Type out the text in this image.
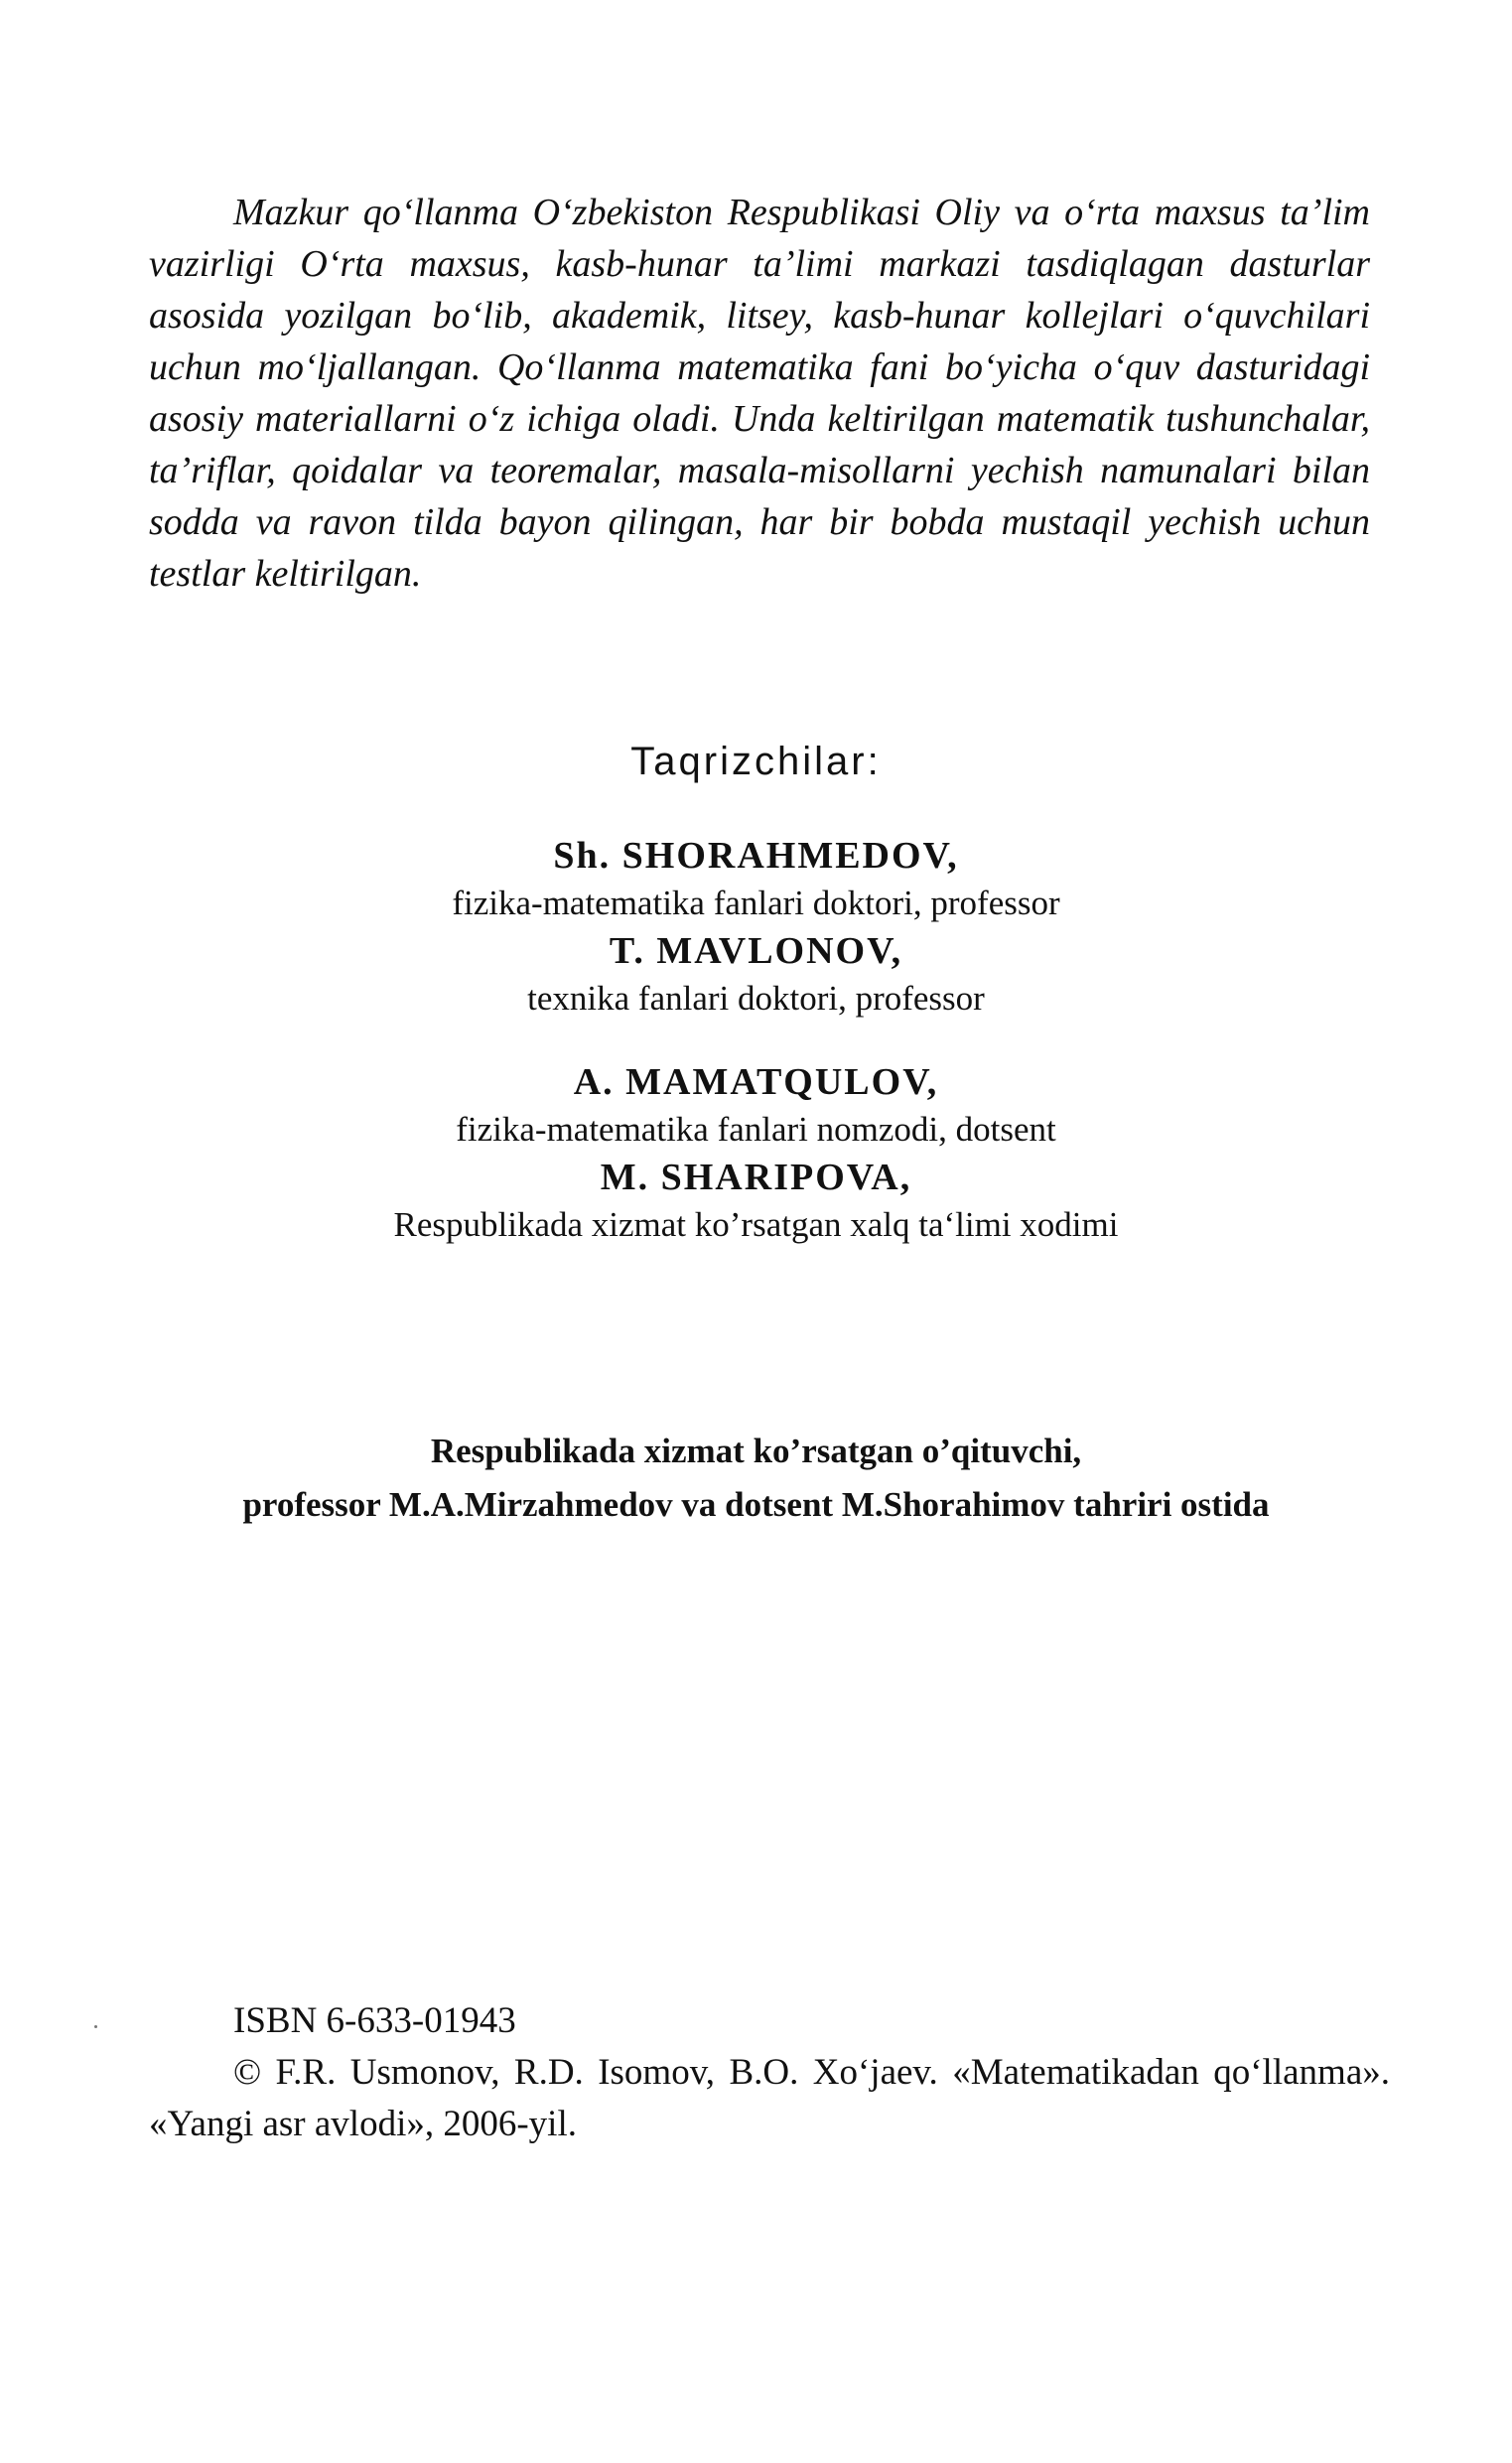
Mazkur qo‘llanma O‘zbekiston Respublikasi Oliy va o‘rta maxsus ta’lim vazirligi O‘rta maxsus, kasb-hunar ta’limi markazi tasdiqlagan dasturlar asosida yozilgan bo‘lib, akademik, litsey, kasb-hunar kollejlari o‘quvchilari uchun mo‘ljallangan. Qo‘llanma matematika fani bo‘yicha o‘quv dasturidagi asosiy materiallarni o‘z ichiga oladi. Unda keltirilgan matematik tushunchalar, ta’riflar, qoidalar va teoremalar, masala-misollarni yechish namunalari bilan sodda va ravon tilda bayon qilingan, har bir bobda mustaqil yechish uchun testlar keltirilgan.

Taqrizchilar:

Sh. SHORAHMEDOV,
fizika-matematika fanlari doktori, professor
T. MAVLONOV,
texnika fanlari doktori, professor
A. MAMATQULOV,
fizika-matematika fanlari nomzodi, dotsent
M. SHARIPOVA,
Respublikada xizmat ko’rsatgan xalq ta‘limi xodimi
Respublikada xizmat ko’rsatgan o’qituvchi,
professor M.A.Mirzahmedov va dotsent M.Shorahimov tahriri ostida
ISBN 6-633-01943
© F.R. Usmonov, R.D. Isomov, B.O. Xo‘jaev. «Matematikadan qo‘llanma». «Yangi asr avlodi», 2006-yil.
